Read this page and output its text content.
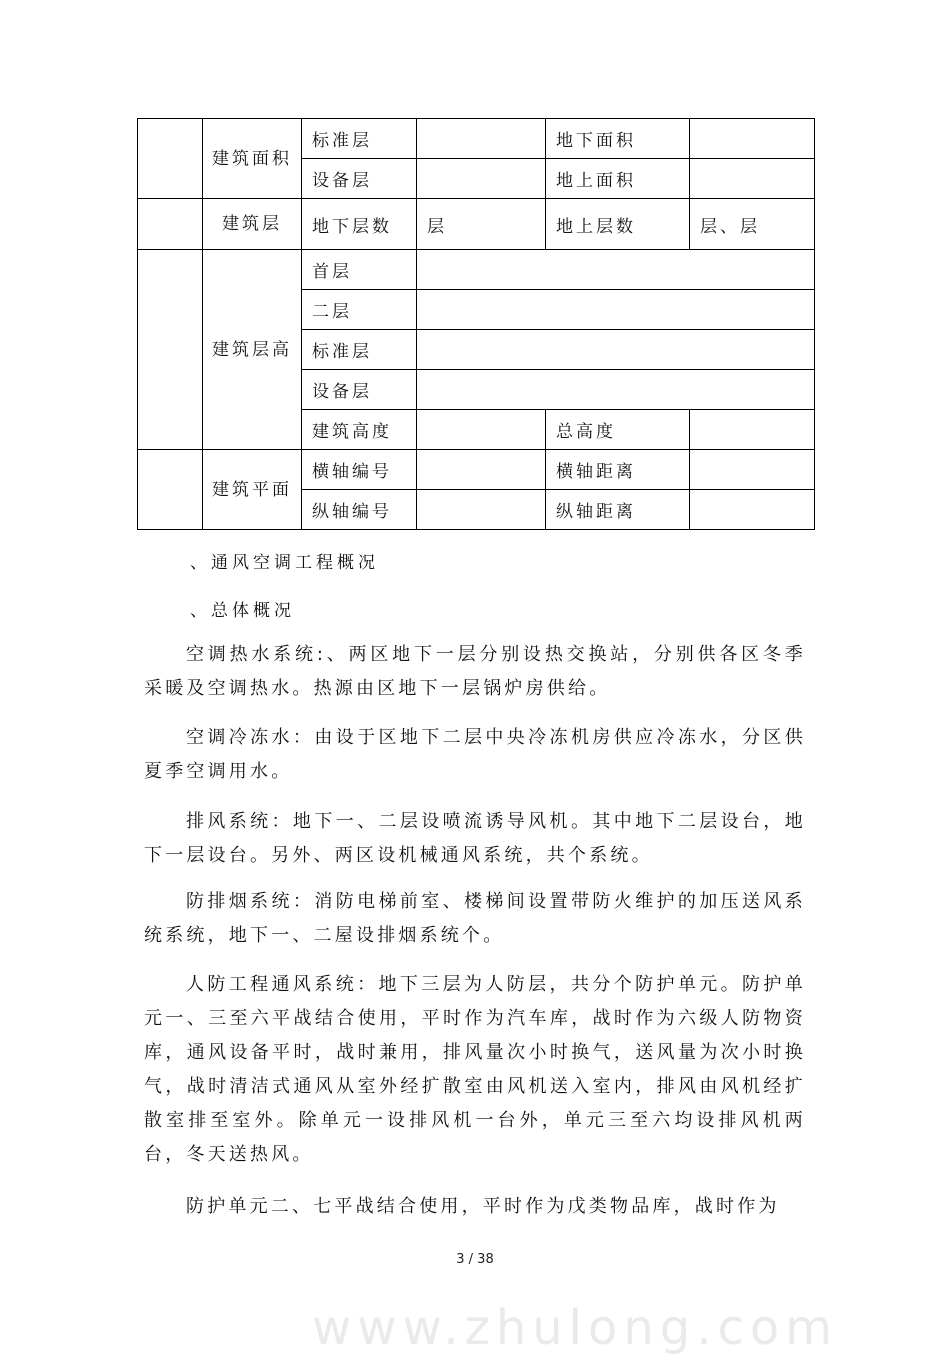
	建筑面积	标准层		地下面积	
		设备层		地上面积	
	建筑层	地下层数	层	地上层数	层、层
	建筑层高	首层			
		二层			
		标准层			
		设备层			
		建筑高度		总高度	
	建筑平面	横轴编号		横轴距离	
		纵轴编号		纵轴距离	
、通风空调工程概况
、总体概况

空调热水系统:、两区地下一层分别设热交换站，分别供各区冬季采暖及空调热水。热源由区地下一层锅炉房供给。

空调冷冻水：由设于区地下二层中央冷冻机房供应冷冻水，分区供夏季空调用水。

排风系统：地下一、二层设喷流诱导风机。其中地下二层设台，地下一层设台。另外、两区设机械通风系统，共个系统。

防排烟系统：消防电梯前室、楼梯间设置带防火维护的加压送风系统系统，地下一、二屋设排烟系统个。

人防工程通风系统：地下三层为人防层，共分个防护单元。防护单元一、三至六平战结合使用，平时作为汽车库，战时作为六级人防物资库，通风设备平时，战时兼用，排风量次小时换气，送风量为次小时换气，战时清洁式通风从室外经扩散室由风机送入室内，排风由风机经扩散室排至室外。除单元一设排风机一台外，单元三至六均设排风机两台，冬天送热风。

防护单元二、七平战结合使用，平时作为戊类物品库，战时作为

3 / 38
www.zhulong.com
